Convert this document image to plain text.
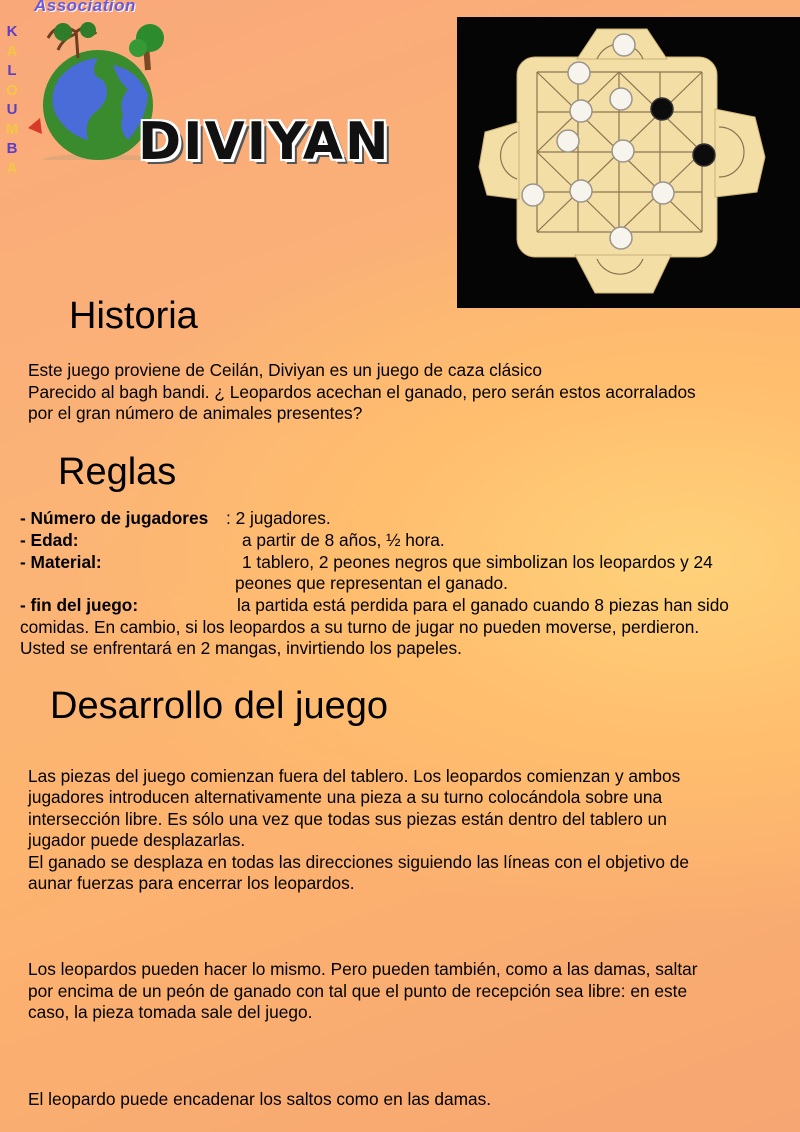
Association
K
A
L
O
U
M
B
A DIVIYAN
Historia
Este juego proviene de Ceilán, Diviyan es un juego de caza clásico
Parecido al bagh bandi. ¿ Leopardos acechan el ganado, pero serán estos acorralados
por el gran número de animales presentes?
Reglas
- Número de jugadores : 2 jugadores.
- Edad:	a partir de 8 años, ½ hora.
- Material:	1 tablero, 2 peones negros que simbolizan los leopardos y 24
peones que representan el ganado.
- fin del juego:	la partida está perdida para el ganado cuando 8 piezas han sido
comidas. En cambio, si los leopardos a su turno de jugar no pueden moverse, perdieron.
Usted se enfrentará en 2 mangas, invirtiendo los papeles.
Desarrollo del juego

Las piezas del juego comienzan fuera del tablero. Los leopardos comienzan y ambos
jugadores introducen alternativamente una pieza a su turno colocándola sobre una
intersección libre. Es sólo una vez que todas sus piezas están dentro del tablero un
jugador puede desplazarlas.
El ganado se desplaza en todas las direcciones siguiendo las líneas con el objetivo de
aunar fuerzas para encerrar los leopardos.

Los leopardos pueden hacer lo mismo. Pero pueden también, como a las damas, saltar
por encima de un peón de ganado con tal que el punto de recepción sea libre: en este
caso, la pieza tomada sale del juego.

El leopardo puede encadenar los saltos como en las damas.
